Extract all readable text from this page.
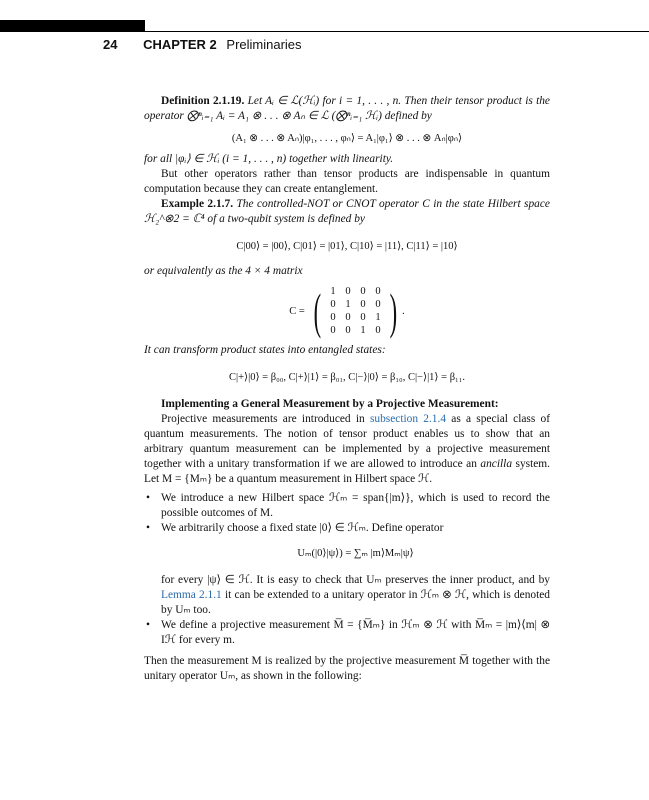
24 CHAPTER 2 Preliminaries

Definition 2.1.19. Let Aᵢ ∈ ℒ(ℋᵢ) for i = 1, . . . , n. Then their tensor product is the operator ⨂ⁿᵢ₌₁ Aᵢ = A₁ ⊗ . . . ⊗ Aₙ ∈ ℒ (⨂ⁿᵢ₌₁ ℋᵢ) defined by

(A₁ ⊗ . . . ⊗ Aₙ)|φ₁, . . . , φₙ⟩ = A₁|φ₁⟩ ⊗ . . . ⊗ Aₙ|φₙ⟩

for all |φᵢ⟩ ∈ ℋᵢ (i = 1, . . . , n) together with linearity.

But other operators rather than tensor products are indispensable in quantum computation because they can create entanglement.

Example 2.1.7. The controlled-NOT or CNOT operator C in the state Hilbert space ℋ₂^⊗2 = ℂ⁴ of a two-qubit system is defined by

C|00⟩ = |00⟩, C|01⟩ = |01⟩, C|10⟩ = |11⟩, C|11⟩ = |10⟩

or equivalently as the 4 × 4 matrix

C = ( 1	0	0	0
0	1	0	0
0	0	0	1
0	0	1	0 ) .

It can transform product states into entangled states:

C|+⟩|0⟩ = β₀₀, C|+⟩|1⟩ = β₀₁, C|−⟩|0⟩ = β₁₀, C|−⟩|1⟩ = β₁₁.

Implementing a General Measurement by a Projective Measurement:

Projective measurements are introduced in subsection 2.1.4 as a special class of quantum measurements. The notion of tensor product enables us to show that an arbitrary quantum measurement can be implemented by a projective measurement together with a unitary transformation if we are allowed to introduce an ancilla system. Let M = {Mₘ} be a quantum measurement in Hilbert space ℋ.

• We introduce a new Hilbert space ℋₘ = span{|m⟩}, which is used to record the possible outcomes of M.
• We arbitrarily choose a fixed state |0⟩ ∈ ℋₘ. Define operator
Uₘ(|0⟩|ψ⟩) = ∑ₘ |m⟩Mₘ|ψ⟩
for every |ψ⟩ ∈ ℋ. It is easy to check that Uₘ preserves the inner product, and by Lemma 2.1.1 it can be extended to a unitary operator in ℋₘ ⊗ ℋ, which is denoted by Uₘ too.
• We define a projective measurement M̅ = {M̅ₘ} in ℋₘ ⊗ ℋ with M̅ₘ = |m⟩⟨m| ⊗ Iℋ for every m.

Then the measurement M is realized by the projective measurement M̅ together with the unitary operator Uₘ, as shown in the following:
